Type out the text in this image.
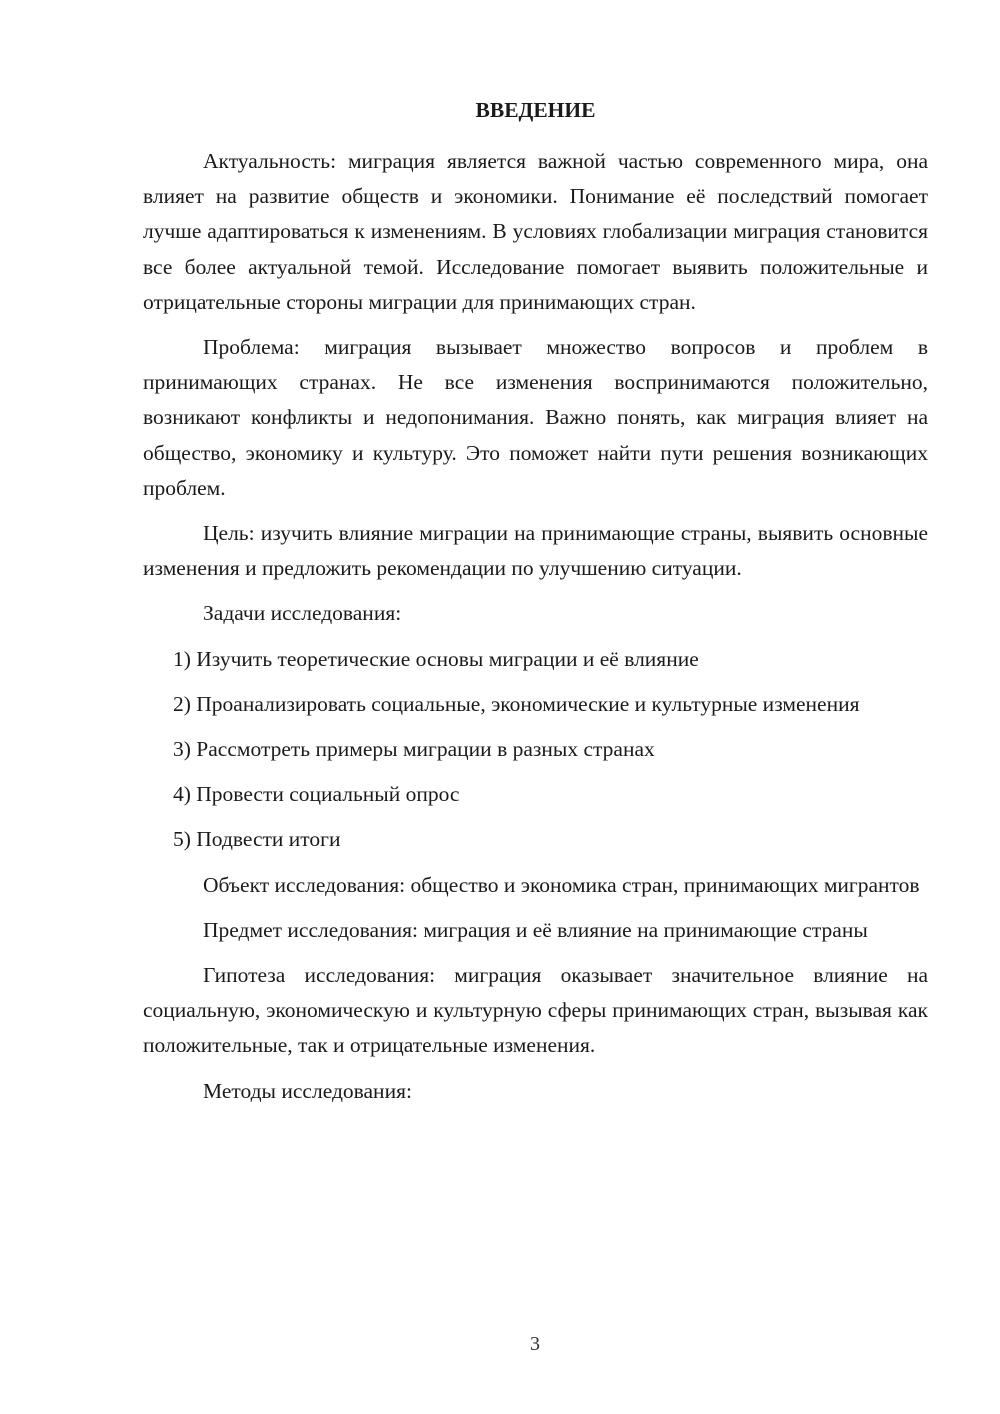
ВВЕДЕНИЕ

Актуальность: миграция является важной частью современного мира, она влияет на развитие обществ и экономики. Понимание её последствий помогает лучше адаптироваться к изменениям. В условиях глобализации миграция становится все более актуальной темой. Исследование помогает выявить положительные и отрицательные стороны миграции для принимающих стран.

Проблема: миграция вызывает множество вопросов и проблем в принимающих странах. Не все изменения воспринимаются положительно, возникают конфликты и недопонимания. Важно понять, как миграция влияет на общество, экономику и культуру. Это поможет найти пути решения возникающих проблем.

Цель: изучить влияние миграции на принимающие страны, выявить основные изменения и предложить рекомендации по улучшению ситуации.

Задачи исследования:

1) Изучить теоретические основы миграции и её влияние

2) Проанализировать социальные, экономические и культурные изменения

3) Рассмотреть примеры миграции в разных странах

4) Провести социальный опрос

5) Подвести итоги

Объект исследования: общество и экономика стран, принимающих мигрантов

Предмет исследования: миграция и её влияние на принимающие страны

Гипотеза исследования: миграция оказывает значительное влияние на социальную, экономическую и культурную сферы принимающих стран, вызывая как положительные, так и отрицательные изменения.

Методы исследования:

3
